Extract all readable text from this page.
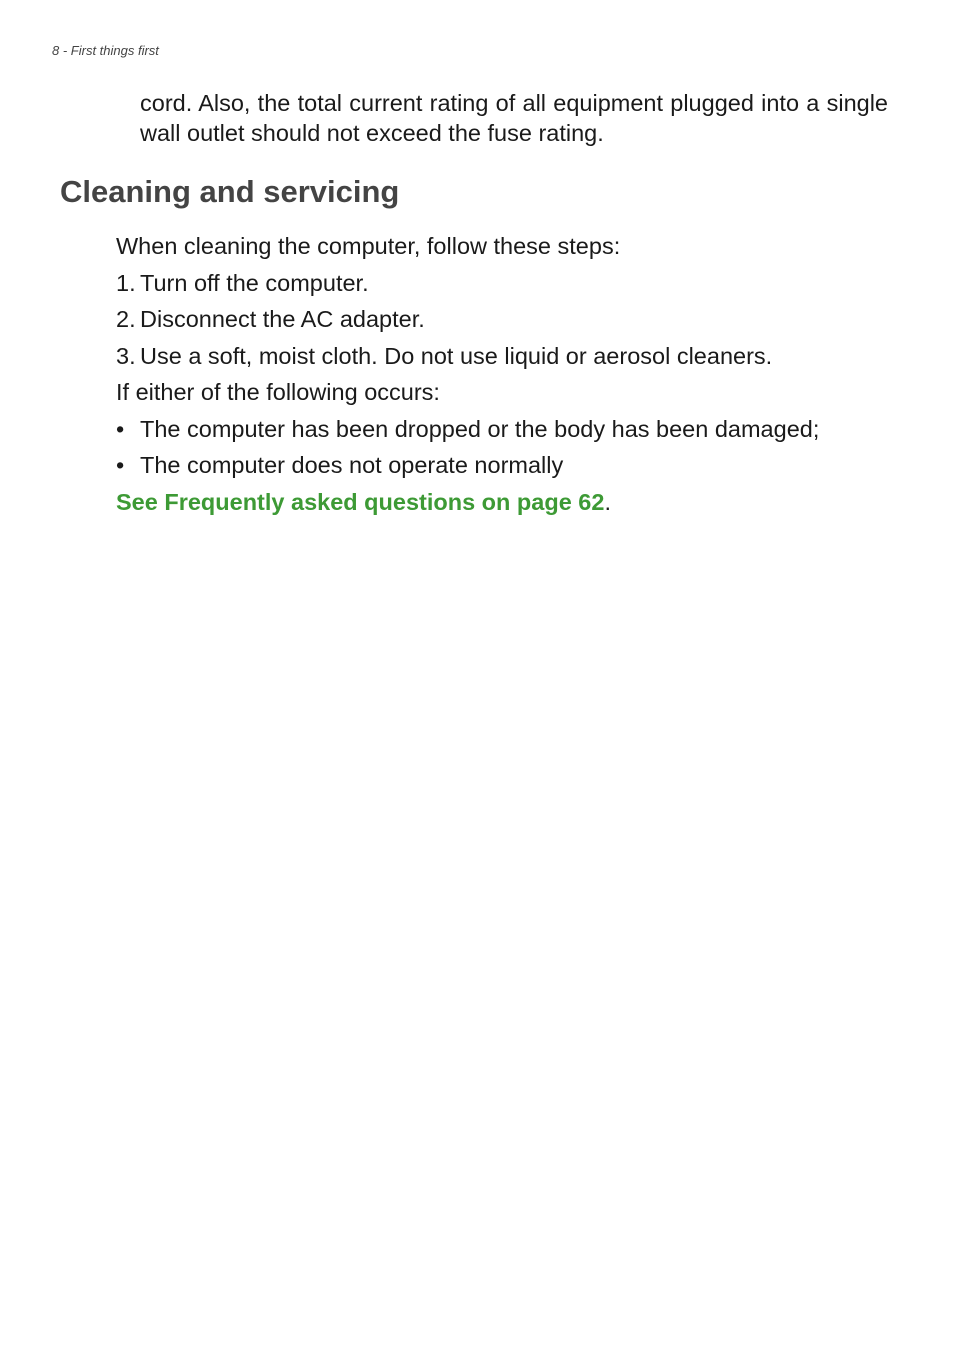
8 - First things first

cord. Also, the total current rating of all equipment plugged into a single wall outlet should not exceed the fuse rating.

Cleaning and servicing

When cleaning the computer, follow these steps:

1. Turn off the computer.
2. Disconnect the AC adapter.
3. Use a soft, moist cloth. Do not use liquid or aerosol cleaners.

If either of the following occurs:

• The computer has been dropped or the body has been damaged;
• The computer does not operate normally

See Frequently asked questions on page 62.
